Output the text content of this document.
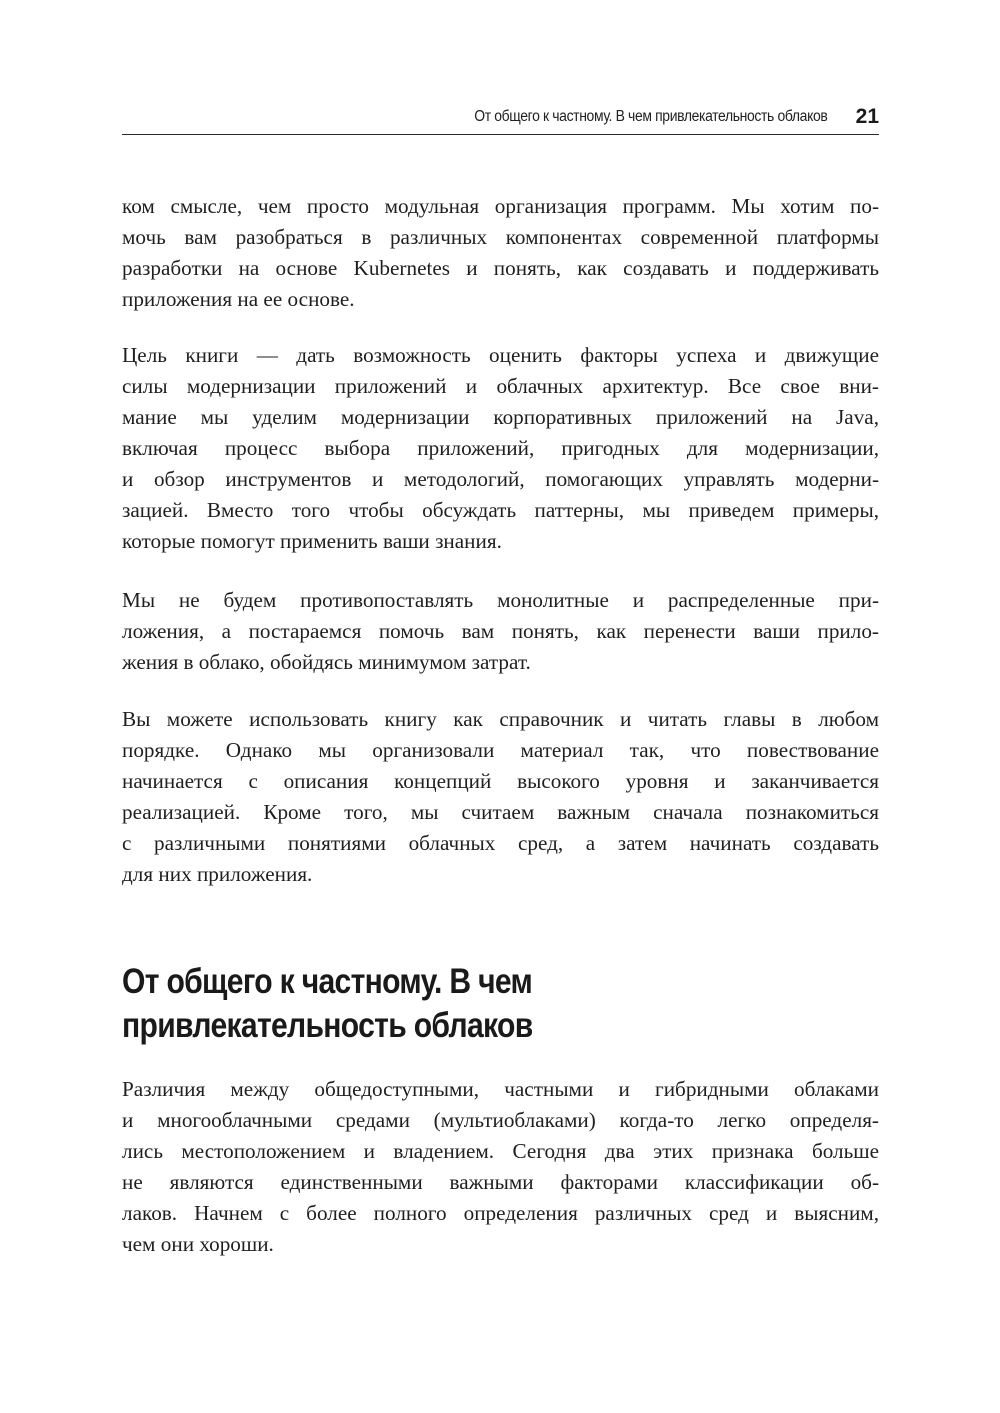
От общего к частному. В чем привлекательность облаков 21

ком смысле, чем просто модульная организация программ. Мы хотим по-
мочь вам разобраться в различных компонентах современной платформы
разработки на основе Kubernetes и понять, как создавать и поддерживать
приложения на ее основе.

Цель книги — дать возможность оценить факторы успеха и движущие
силы модернизации приложений и облачных архитектур. Все свое вни-
мание мы уделим модернизации корпоративных приложений на Java,
включая процесс выбора приложений, пригодных для модернизации,
и обзор инструментов и методологий, помогающих управлять модерни-
зацией. Вместо того чтобы обсуждать паттерны, мы приведем примеры,
которые помогут применить ваши знания.

Мы не будем противопоставлять монолитные и распределенные при-
ложения, а постараемся помочь вам понять, как перенести ваши прило-
жения в облако, обойдясь минимумом затрат.

Вы можете использовать книгу как справочник и читать главы в любом
порядке. Однако мы организовали материал так, что повествование
начинается с описания концепций высокого уровня и заканчивается
реализацией. Кроме того, мы считаем важным сначала познакомиться
с различными понятиями облачных сред, а затем начинать создавать
для них приложения.

От общего к частному. В чем
привлекательность облаков

Различия между общедоступными, частными и гибридными облаками
и многооблачными средами (мультиоблаками) когда-то легко определя-
лись местоположением и владением. Сегодня два этих признака больше
не являются единственными важными факторами классификации об-
лаков. Начнем с более полного определения различных сред и выясним,
чем они хороши.
